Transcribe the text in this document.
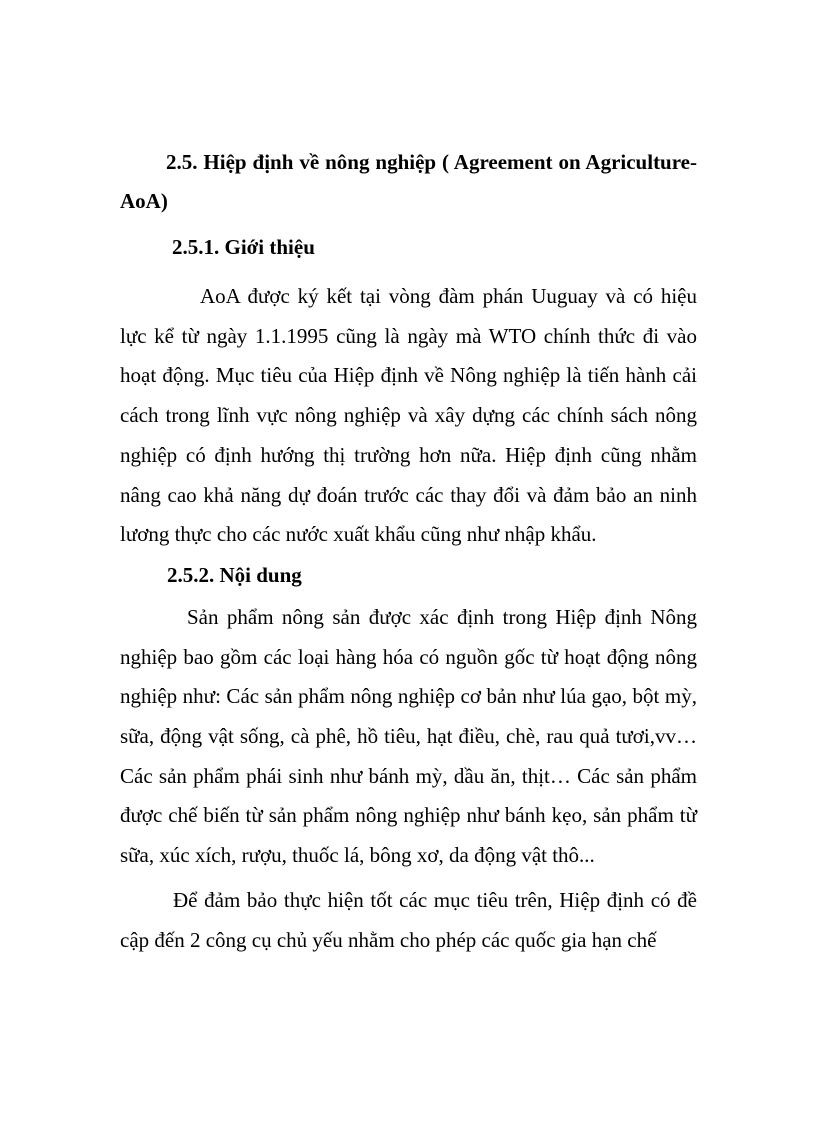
2.5. Hiệp định về nông nghiệp ( Agreement on Agriculture-AoA)

2.5.1. Giới thiệu

AoA được ký kết tại vòng đàm phán Uuguay và có hiệu lực kể từ ngày 1.1.1995 cũng là ngày mà WTO chính thức đi vào hoạt động. Mục tiêu của Hiệp định về Nông nghiệp là tiến hành cải cách trong lĩnh vực nông nghiệp và xây dựng các chính sách nông nghiệp có định hướng thị trường hơn nữa. Hiệp định cũng nhằm nâng cao khả năng dự đoán trước các thay đổi và đảm bảo an ninh lương thực cho các nước xuất khẩu cũng như nhập khẩu.

2.5.2. Nội dung

Sản phẩm nông sản được xác định trong Hiệp định Nông nghiệp bao gồm các loại hàng hóa có nguồn gốc từ hoạt động nông nghiệp như: Các sản phẩm nông nghiệp cơ bản như lúa gạo, bột mỳ, sữa, động vật sống, cà phê, hồ tiêu, hạt điều, chè, rau quả tươi,vv… Các sản phẩm phái sinh như bánh mỳ, dầu ăn, thịt… Các sản phẩm được chế biến từ sản phẩm nông nghiệp như bánh kẹo, sản phẩm từ sữa, xúc xích, rượu, thuốc lá, bông xơ, da động vật thô...

Để đảm bảo thực hiện tốt các mục tiêu trên, Hiệp định có đề cập đến 2 công cụ chủ yếu nhằm cho phép các quốc gia hạn chế
